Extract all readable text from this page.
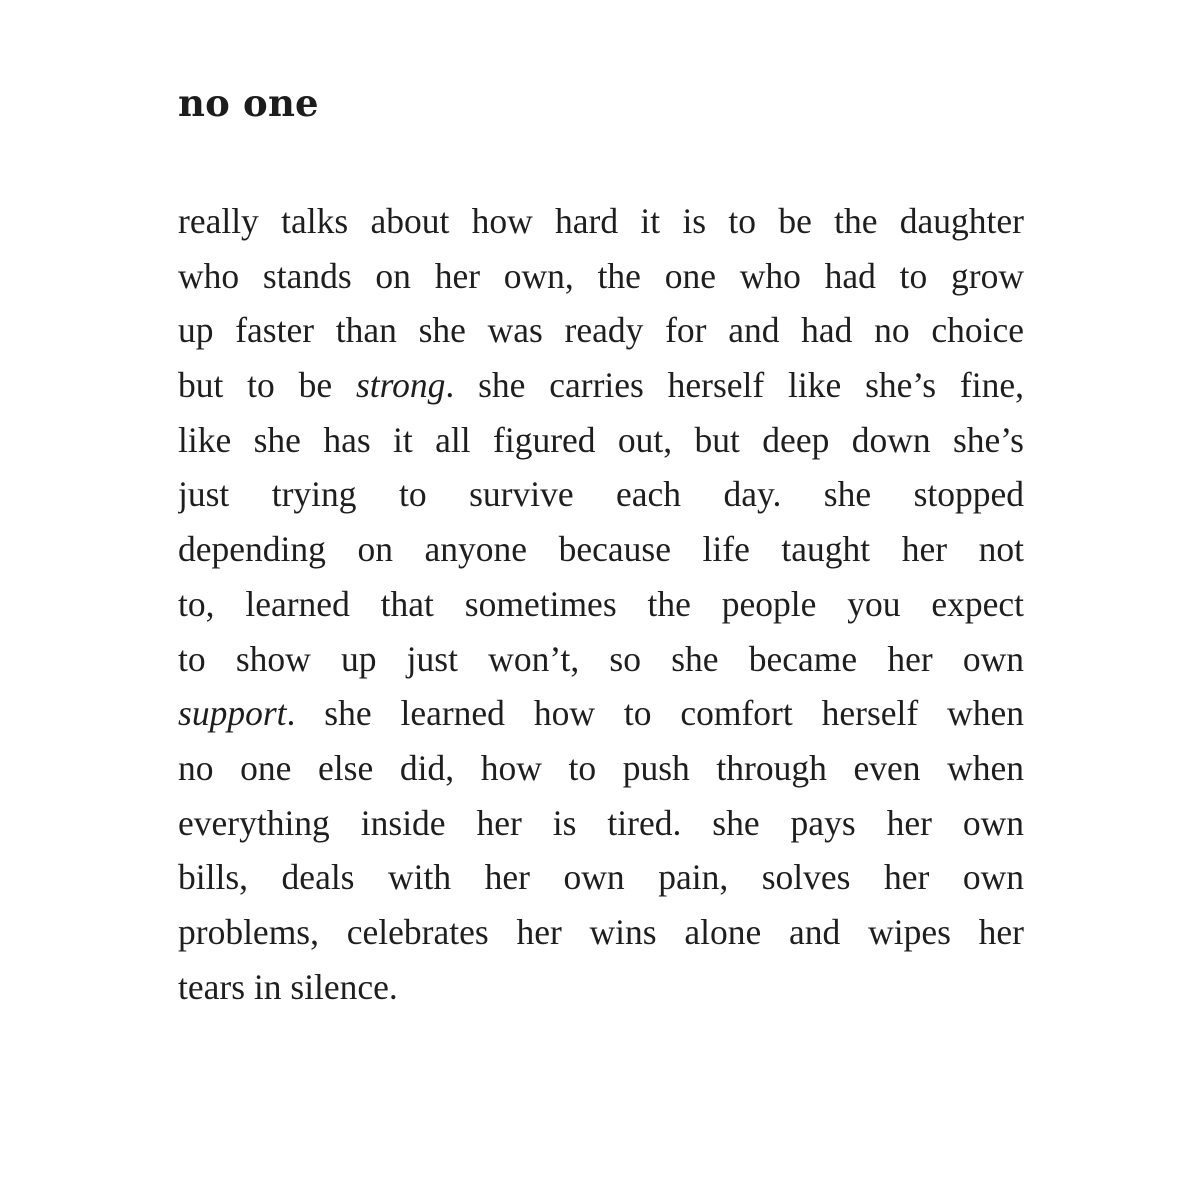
no one
really talks about how hard it is to be the daughter
who stands on her own, the one who had to grow
up faster than she was ready for and had no choice
but to be strong. she carries herself like she’s fine,
like she has it all figured out, but deep down she’s
just trying to survive each day. she stopped
depending on anyone because life taught her not
to, learned that sometimes the people you expect
to show up just won’t, so she became her own
support. she learned how to comfort herself when
no one else did, how to push through even when
everything inside her is tired. she pays her own
bills, deals with her own pain, solves her own
problems, celebrates her wins alone and wipes her
tears in silence.
